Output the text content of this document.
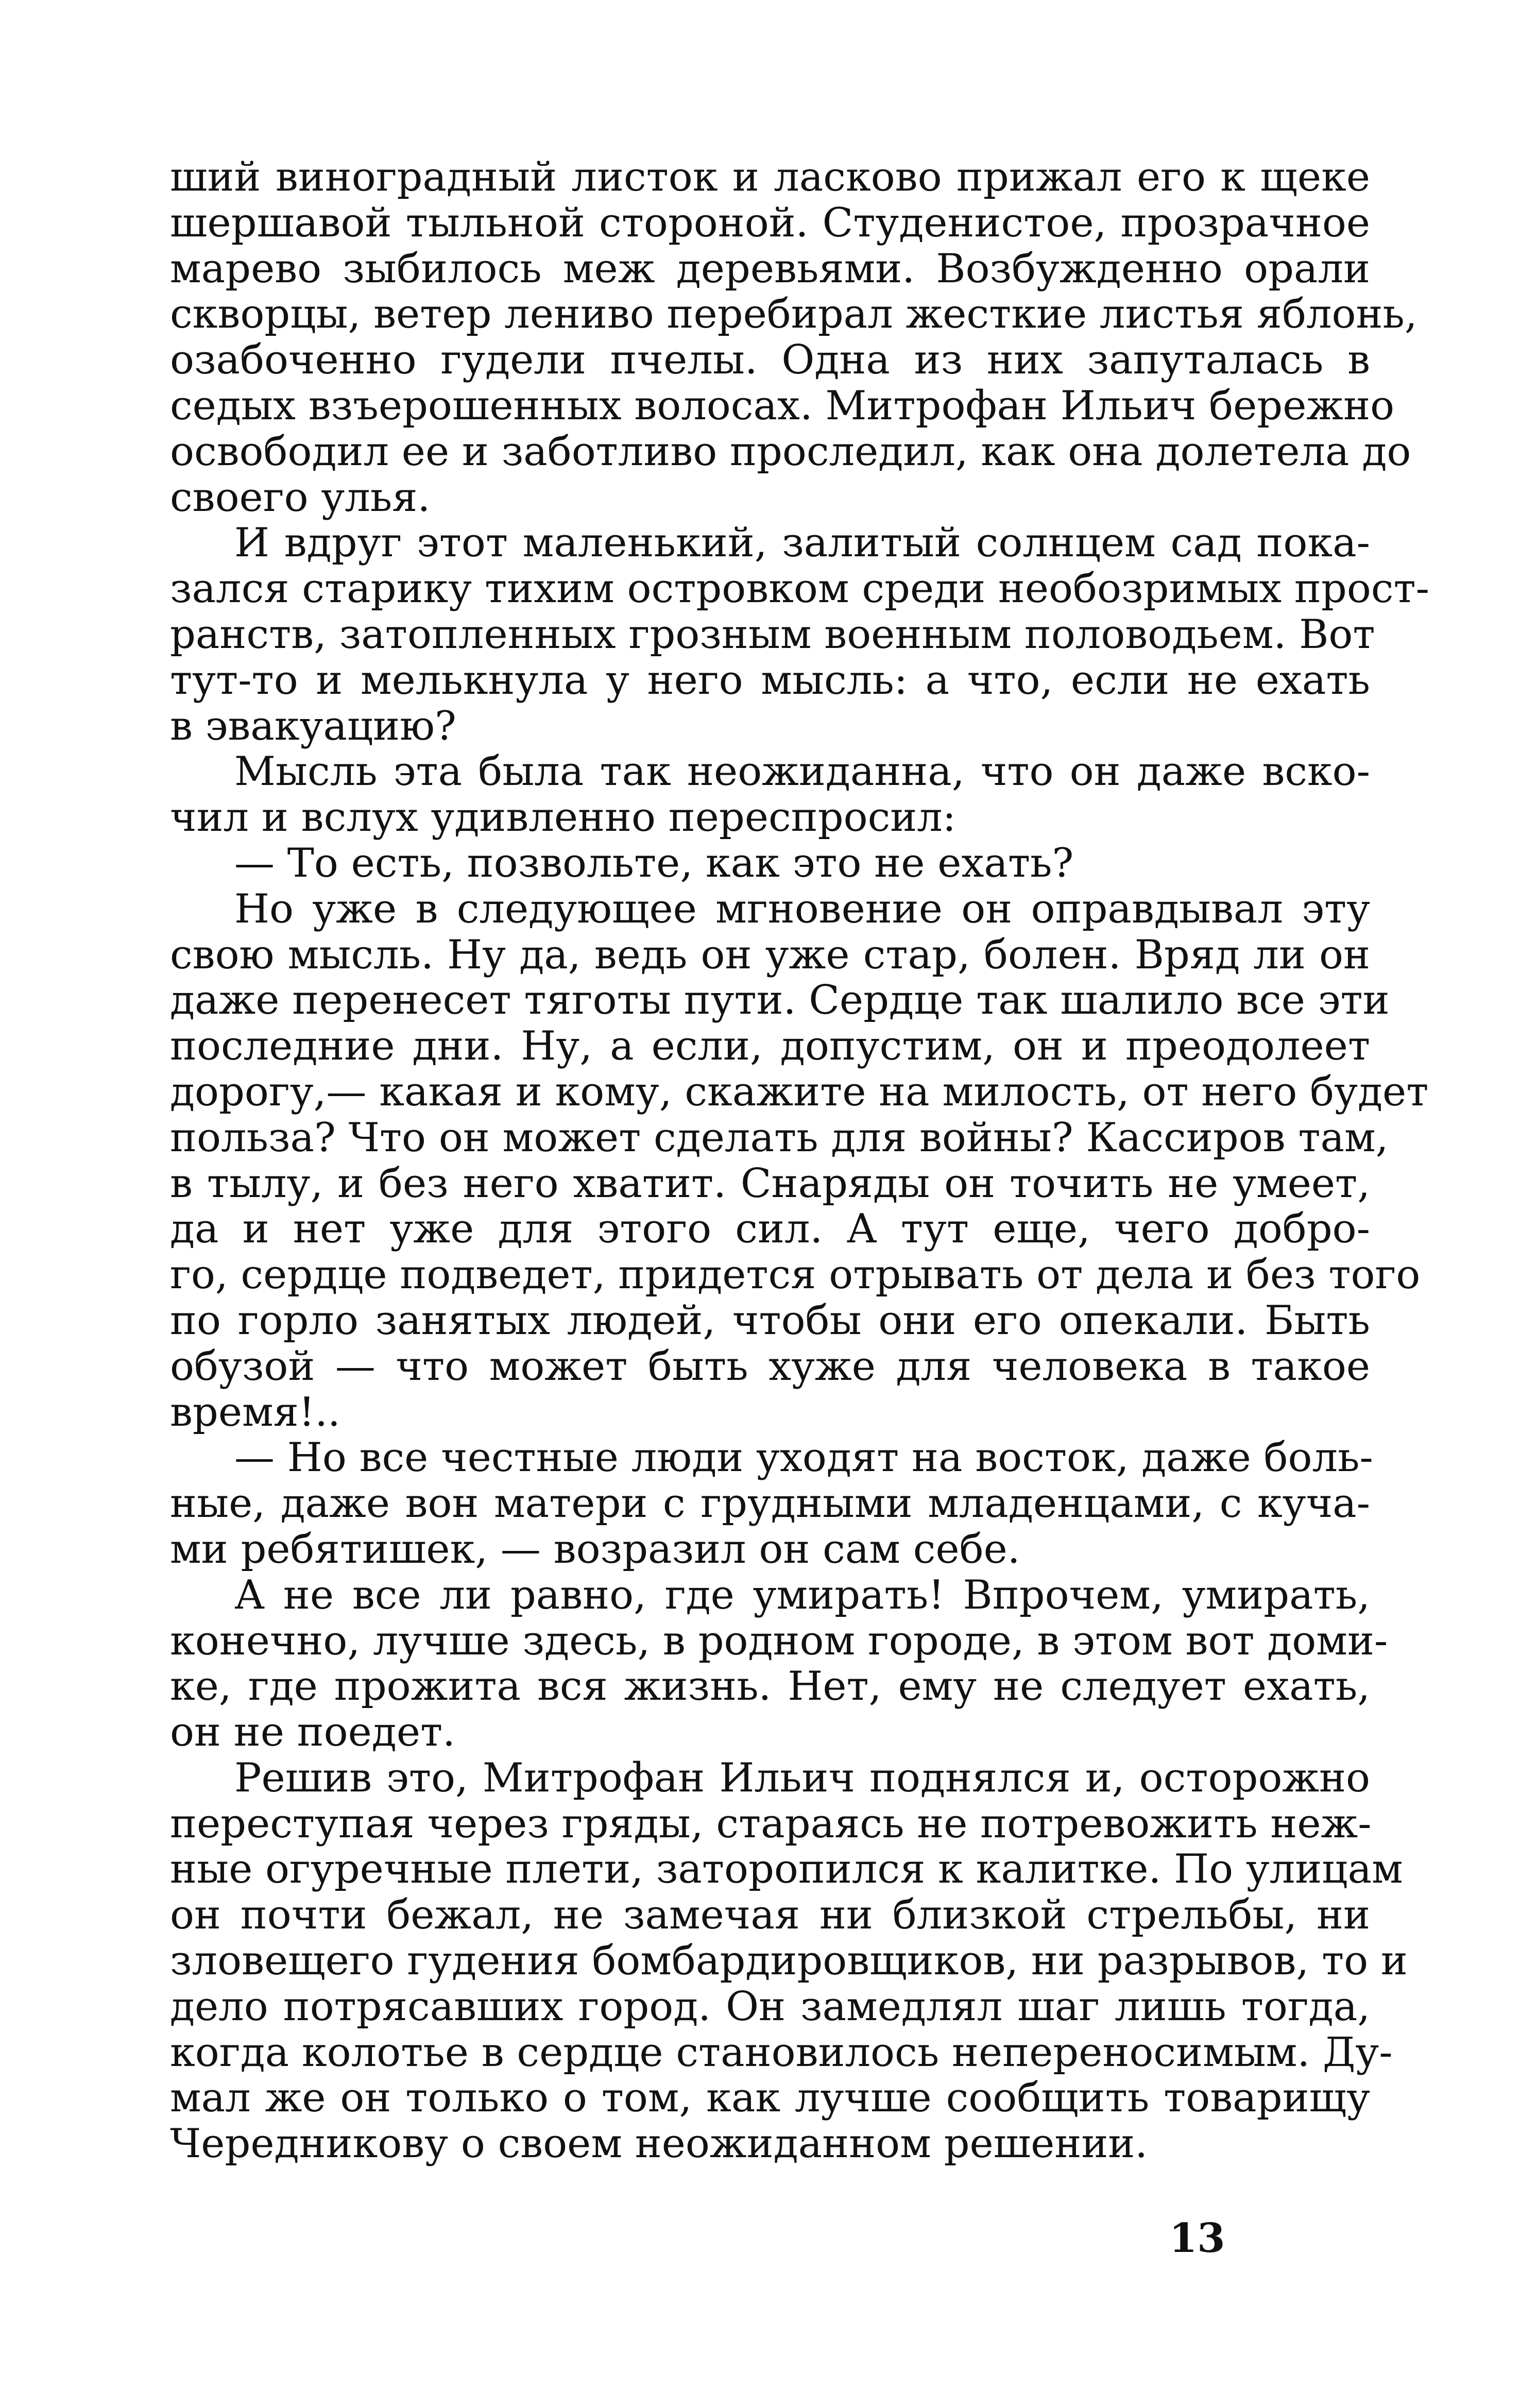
ший виноградный листок и ласково прижал его к щеке
шершавой тыльной стороной. Студенистое, прозрачное
марево зыбилось меж деревьями. Возбужденно орали
скворцы, ветер лениво перебирал жесткие листья яблонь,
озабоченно гудели пчелы. Одна из них запуталась в
седых взъерошенных волосах. Митрофан Ильич бережно
освободил ее и заботливо проследил, как она долетела до
своего улья.
И вдруг этот маленький, залитый солнцем сад пока-
зался старику тихим островком среди необозримых прост-
ранств, затопленных грозным военным половодьем. Вот
тут-то и мелькнула у него мысль: а что, если не ехать
в эвакуацию?
Мысль эта была так неожиданна, что он даже вско-
чил и вслух удивленно переспросил:
— То есть, позвольте, как это не ехать?
Но уже в следующее мгновение он оправдывал эту
свою мысль. Ну да, ведь он уже стар, болен. Вряд ли он
даже перенесет тяготы пути. Сердце так шалило все эти
последние дни. Ну, а если, допустим, он и преодолеет
дорогу,— какая и кому, скажите на милость, от него будет
польза? Что он может сделать для войны? Кассиров там,
в тылу, и без него хватит. Снаряды он точить не умеет,
да и нет уже для этого сил. А тут еще, чего добро-
го, сердце подведет, придется отрывать от дела и без того
по горло занятых людей, чтобы они его опекали. Быть
обузой — что может быть хуже для человека в такое
время!..
— Но все честные люди уходят на восток, даже боль-
ные, даже вон матери с грудными младенцами, с куча-
ми ребятишек, — возразил он сам себе.
А не все ли равно, где умирать! Впрочем, умирать,
конечно, лучше здесь, в родном городе, в этом вот доми-
ке, где прожита вся жизнь. Нет, ему не следует ехать,
он не поедет.
Решив это, Митрофан Ильич поднялся и, осторожно
переступая через гряды, стараясь не потревожить неж-
ные огуречные плети, заторопился к калитке. По улицам
он почти бежал, не замечая ни близкой стрельбы, ни
зловещего гудения бомбардировщиков, ни разрывов, то и
дело потрясавших город. Он замедлял шаг лишь тогда,
когда колотье в сердце становилось непереносимым. Ду-
мал же он только о том, как лучше сообщить товарищу
Чередникову о своем неожиданном решении.
13
